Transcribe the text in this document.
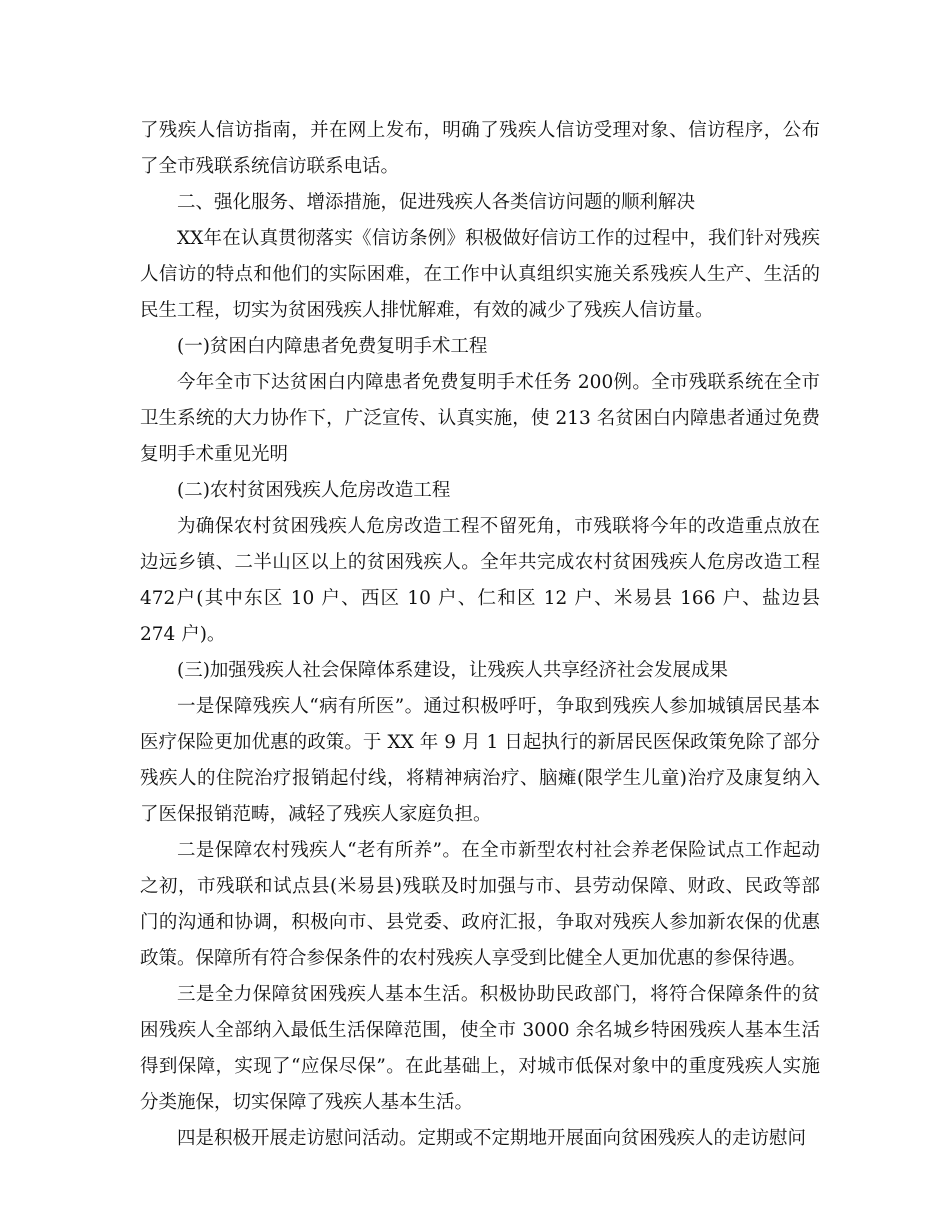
了残疾人信访指南，并在网上发布，明确了残疾人信访受理对象、信访程序，公布了全市残联系统信访联系电话。

二、强化服务、增添措施，促进残疾人各类信访问题的顺利解决

XX年在认真贯彻落实《信访条例》积极做好信访工作的过程中，我们针对残疾人信访的特点和他们的实际困难，在工作中认真组织实施关系残疾人生产、生活的民生工程，切实为贫困残疾人排忧解难，有效的减少了残疾人信访量。

(一)贫困白内障患者免费复明手术工程

今年全市下达贫困白内障患者免费复明手术任务 200例。全市残联系统在全市卫生系统的大力协作下，广泛宣传、认真实施，使 213 名贫困白内障患者通过免费复明手术重见光明

(二)农村贫困残疾人危房改造工程

为确保农村贫困残疾人危房改造工程不留死角，市残联将今年的改造重点放在边远乡镇、二半山区以上的贫困残疾人。全年共完成农村贫困残疾人危房改造工程472户(其中东区 10 户、西区 10 户、仁和区 12 户、米易县 166 户、盐边县 274 户)。

(三)加强残疾人社会保障体系建设，让残疾人共享经济社会发展成果

一是保障残疾人“病有所医”。通过积极呼吁，争取到残疾人参加城镇居民基本医疗保险更加优惠的政策。于 XX 年 9 月 1 日起执行的新居民医保政策免除了部分残疾人的住院治疗报销起付线，将精神病治疗、脑瘫(限学生儿童)治疗及康复纳入了医保报销范畴，减轻了残疾人家庭负担。

二是保障农村残疾人“老有所养”。在全市新型农村社会养老保险试点工作起动之初，市残联和试点县(米易县)残联及时加强与市、县劳动保障、财政、民政等部门的沟通和协调，积极向市、县党委、政府汇报，争取对残疾人参加新农保的优惠政策。保障所有符合参保条件的农村残疾人享受到比健全人更加优惠的参保待遇。

三是全力保障贫困残疾人基本生活。积极协助民政部门，将符合保障条件的贫困残疾人全部纳入最低生活保障范围，使全市 3000 余名城乡特困残疾人基本生活得到保障，实现了“应保尽保”。在此基础上，对城市低保对象中的重度残疾人实施分类施保，切实保障了残疾人基本生活。

四是积极开展走访慰问活动。定期或不定期地开展面向贫困残疾人的走访慰问
